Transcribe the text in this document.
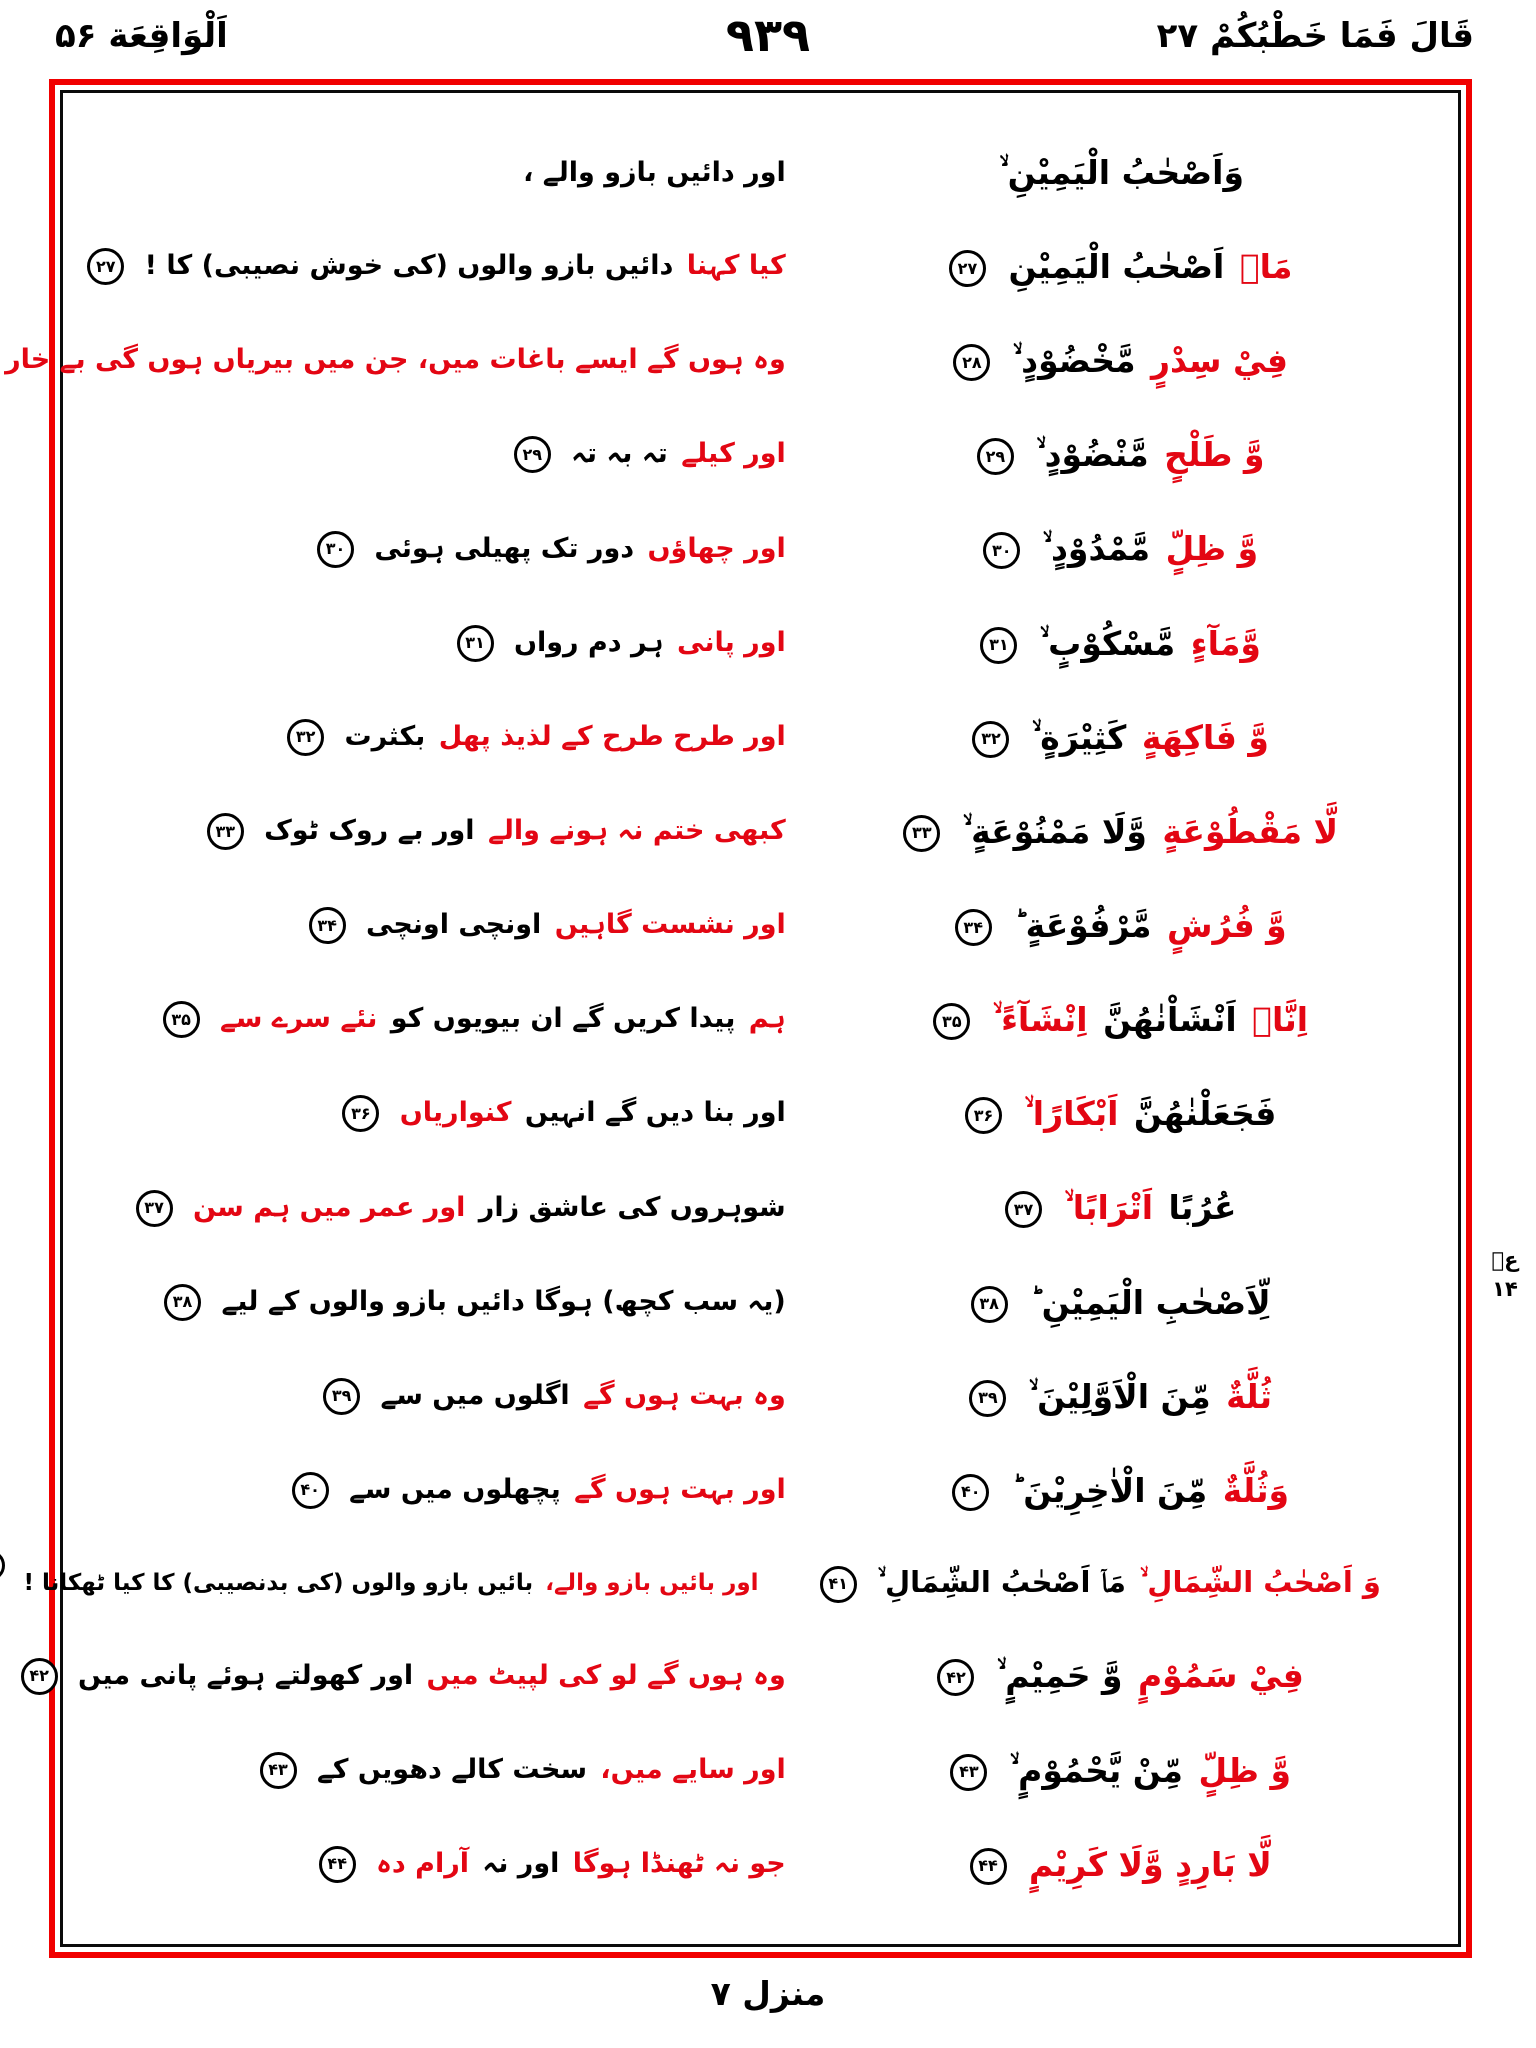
اَلْوَاقِعَة ۵۶	۹۳۹	قَالَ فَمَا خَطْبُكُمْ ۲۷
اور دائیں بازو والے ،	وَاَصْحٰبُ الْيَمِيْنِ ۙ
کیا کہنا دائیں بازو والوں (کی خوش نصیبی) کا ! ۲۷	مَاۤ اَصْحٰبُ الْيَمِيْنِ ۲۷
وہ ہوں گے ایسے باغات میں، جن میں بیریاں ہوں گی بے خار	فِيْ سِدْرٍ مَّخْضُوْدٍ ۙ ۲۸
اور کیلے تہ بہ تہ ۲۹	وَّ طَلْحٍ مَّنْضُوْدٍ ۙ ۲۹
اور چھاؤں دور تک پھیلی ہوئی ۳۰	وَّ ظِلٍّ مَّمْدُوْدٍ ۙ ۳۰
اور پانی ہر دم رواں ۳۱	وَّمَآءٍ مَّسْكُوْبٍ ۙ ۳۱
اور طرح طرح کے لذیذ پھل بکثرت ۳۲	وَّ فَاكِهَةٍ كَثِيْرَةٍ ۙ ۳۲
کبھی ختم نہ ہونے والے اور بے روک ٹوک ۳۳	لَّا مَقْطُوْعَةٍ وَّلَا مَمْنُوْعَةٍ ۙ ۳۳
اور نشست گاہیں اونچی اونچی ۳۴	وَّ فُرُشٍ مَّرْفُوْعَةٍ ؕ ۳۴
ہم پیدا کریں گے ان بیویوں کو نئے سرے سے ۳۵	اِنَّاۤ اَنْشَاْنٰهُنَّ اِنْشَآءً ۙ ۳۵
اور بنا دیں گے انہیں کنواریاں ۳۶	فَجَعَلْنٰهُنَّ اَبْكَارًا ۙ ۳۶
شوہروں کی عاشق زار اور عمر میں ہم سن ۳۷	عُرُبًا اَتْرَابًا ۙ ۳۷
(یہ سب کچھ) ہوگا دائیں بازو والوں کے لیے ۳۸	لِّاَصْحٰبِ الْيَمِيْنِ ؕ ۳۸
وہ بہت ہوں گے اگلوں میں سے ۳۹	ثُلَّةٌ مِّنَ الْاَوَّلِيْنَ ۙ ۳۹
اور بہت ہوں گے پچھلوں میں سے ۴۰	وَثُلَّةٌ مِّنَ الْاٰخِرِيْنَ ؕ ۴۰
اور بائیں بازو والے، بائیں بازو والوں (کی بدنصیبی) کا کیا ٹھکانا !	وَ اَصْحٰبُ الشِّمَالِ ۙ مَاۤ اَصْحٰبُ الشِّمَالِ ۙ ۴۱
وہ ہوں گے لو کی لپیٹ میں اور کھولتے ہوئے پانی میں ۴۲	فِيْ سَمُوْمٍ وَّ حَمِيْمٍ ۙ ۴۲
اور سایے میں، سخت کالے دھویں کے ۴۳	وَّ ظِلٍّ مِّنْ يَّحْمُوْمٍ ۙ ۴۳
جو نہ ٹھنڈا ہوگا اور نہ آرام دہ ۴۴	لَّا بَارِدٍ وَّلَا كَرِيْمٍ ۴۴
عؔ
۱۴
منزل ۷
